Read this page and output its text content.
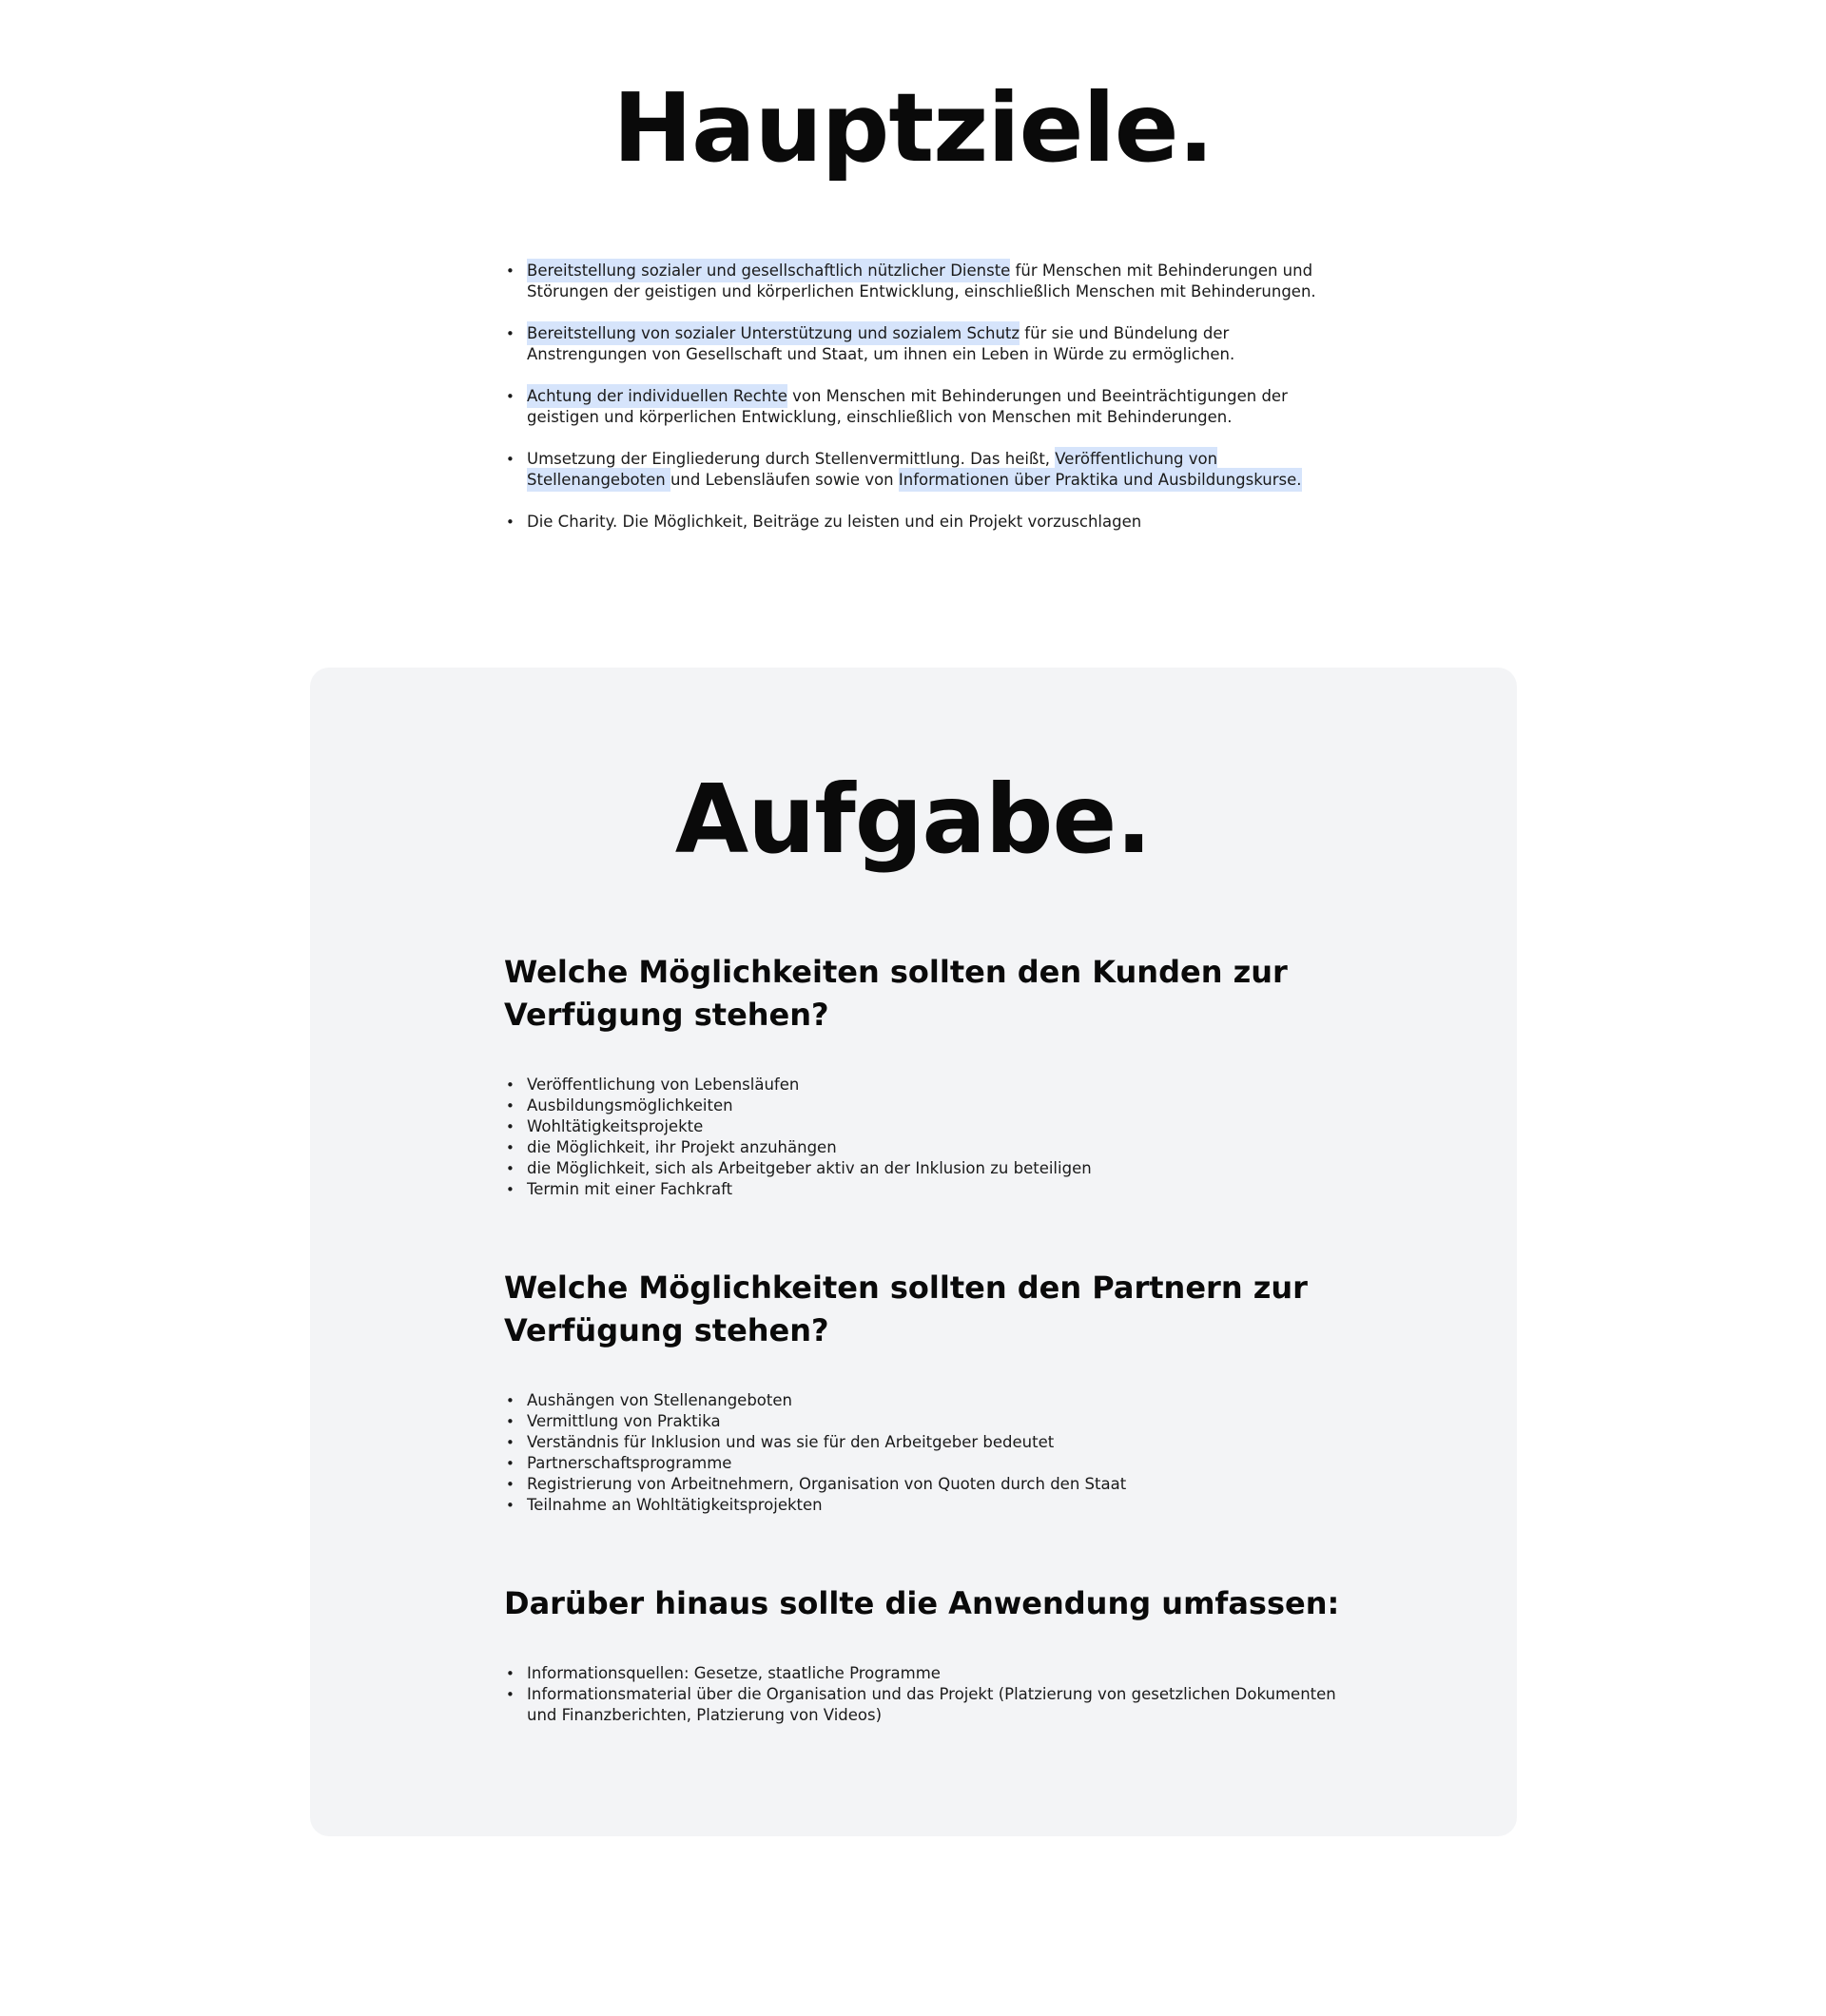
Hauptziele.
• Bereitstellung sozialer und gesellschaftlich nützlicher Dienste für Menschen mit Behinderungen und Störungen der geistigen und körperlichen Entwicklung, einschließlich Menschen mit Behinderungen.
• Bereitstellung von sozialer Unterstützung und sozialem Schutz für sie und Bündelung der Anstrengungen von Gesellschaft und Staat, um ihnen ein Leben in Würde zu ermöglichen.
• Achtung der individuellen Rechte von Menschen mit Behinderungen und Beeinträchtigungen der geistigen und körperlichen Entwicklung, einschließlich von Menschen mit Behinderungen.
• Umsetzung der Eingliederung durch Stellenvermittlung. Das heißt, Veröffentlichung von Stellenangeboten und Lebensläufen sowie von Informationen über Praktika und Ausbildungskurse.
• Die Charity. Die Möglichkeit, Beiträge zu leisten und ein Projekt vorzuschlagen
Aufgabe.
Welche Möglichkeiten sollten den Kunden zur Verfügung stehen?
• Veröffentlichung von Lebensläufen
• Ausbildungsmöglichkeiten
• Wohltätigkeitsprojekte
• die Möglichkeit, ihr Projekt anzuhängen
• die Möglichkeit, sich als Arbeitgeber aktiv an der Inklusion zu beteiligen
• Termin mit einer Fachkraft
Welche Möglichkeiten sollten den Partnern zur Verfügung stehen?
• Aushängen von Stellenangeboten
• Vermittlung von Praktika
• Verständnis für Inklusion und was sie für den Arbeitgeber bedeutet
• Partnerschaftsprogramme
• Registrierung von Arbeitnehmern, Organisation von Quoten durch den Staat
• Teilnahme an Wohltätigkeitsprojekten
Darüber hinaus sollte die Anwendung umfassen:
• Informationsquellen: Gesetze, staatliche Programme
• Informationsmaterial über die Organisation und das Projekt (Platzierung von gesetzlichen Dokumenten und Finanzberichten, Platzierung von Videos)
